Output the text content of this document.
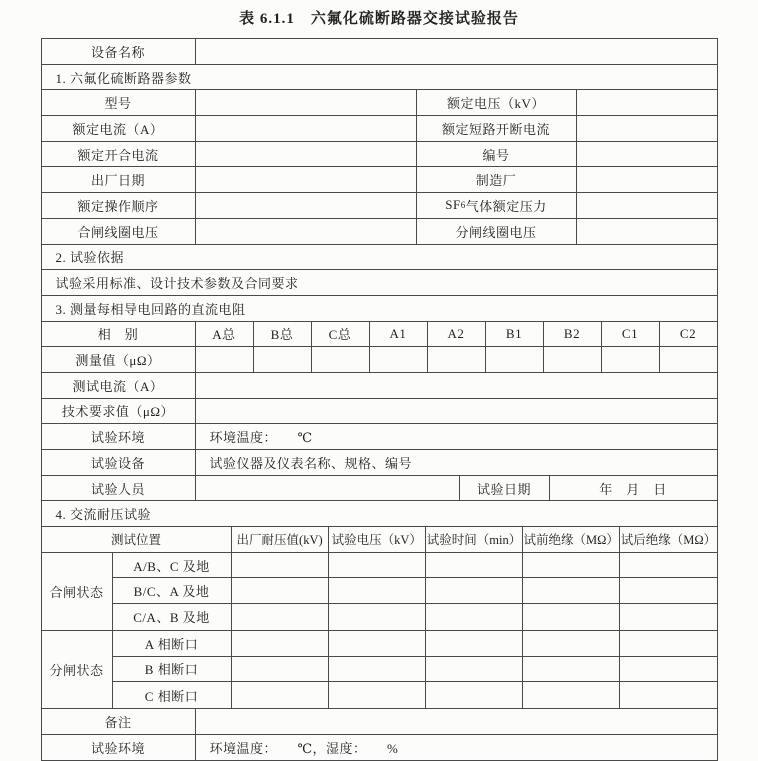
表 6.1.1　六氟化硫断路器交接试验报告
设备名称
1. 六氟化硫断路器参数
型号	额定电压（kV）
额定电流（A）	额定短路开断电流
额定开合电流	编号
出厂日期	制造厂
额定操作顺序	SF 6 气体额定压力
合闸线圈电压	分闸线圈电压
2. 试验依据
试验采用标准、设计技术参数及合同要求
3. 测量每相导电回路的直流电阻
相　别	A总	B总	C总	A1	A2	B1	B2	C1	C2
测量值（μΩ）
测试电流（A）
技术要求值（μΩ）
试验环境	环境温度：　　℃
试验设备	试验仪器及仪表名称、规格、编号
试验人员	试验日期	年　月　日
4. 交流耐压试验
测试位置	出厂耐压值(kV) 试验电压（kV） 试验时间（min） 试前绝缘（MΩ） 试后绝缘（MΩ）
合闸状态
A/B、C 及地
B/C、A 及地
C/A、B 及地
分闸状态
A 相断口
B 相断口
C 相断口
备注
试验环境	环境温度：　　℃，湿度：　　%
